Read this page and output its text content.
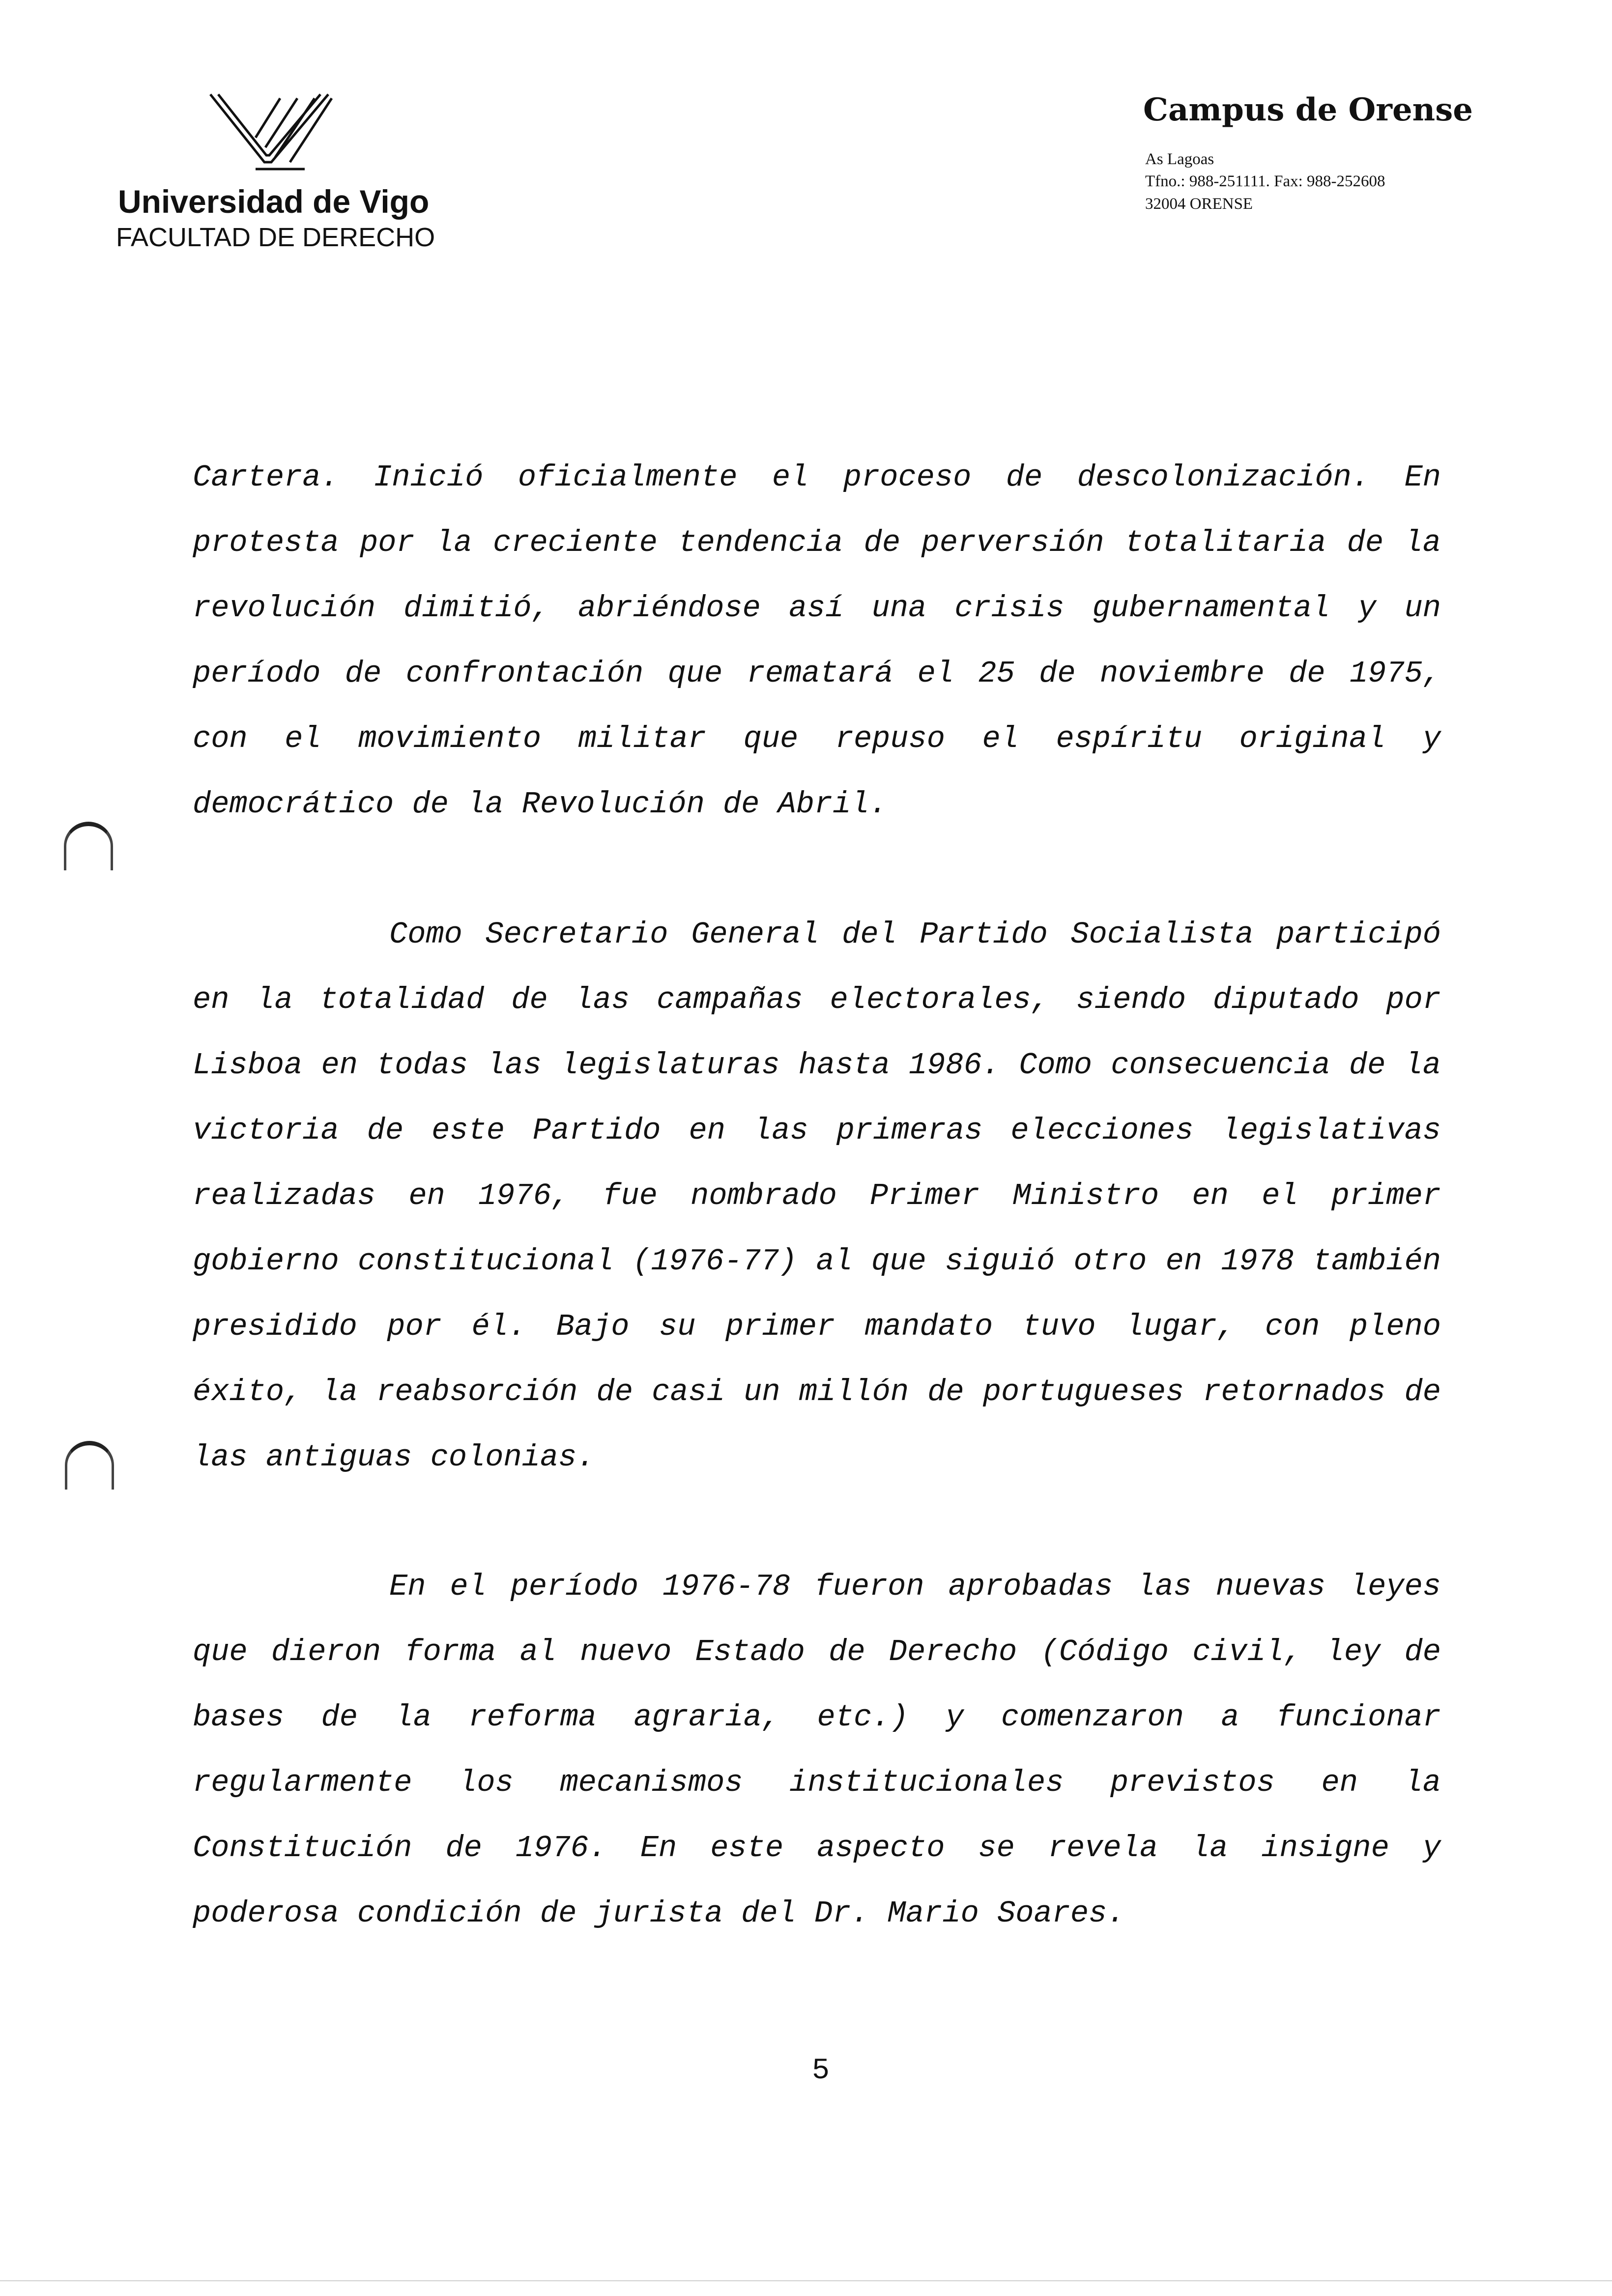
Universidad de Vigo
FACULTAD DE DERECHO
Campus de Orense
As Lagoas
Tfno.: 988-251111. Fax: 988-252608
32004 ORENSE

Cartera. Inició oficialmente el proceso de descolonización. En protesta por la creciente tendencia de perversión totalitaria de la revolución dimitió, abriéndose así una crisis gubernamental y un período de confrontación que rematará el 25 de noviembre de 1975, con el movimiento militar que repuso el espíritu original y democrático de la Revolución de Abril.

Como Secretario General del Partido Socialista participó en la totalidad de las campañas electorales, siendo diputado por Lisboa en todas las legislaturas hasta 1986. Como consecuencia de la victoria de este Partido en las primeras elecciones legislativas realizadas en 1976, fue nombrado Primer Ministro en el primer gobierno constitucional (1976-77) al que siguió otro en 1978 también presidido por él. Bajo su primer mandato tuvo lugar, con pleno éxito, la reabsorción de casi un millón de portugueses retornados de las antiguas colonias.

En el período 1976-78 fueron aprobadas las nuevas leyes que dieron forma al nuevo Estado de Derecho (Código civil, ley de bases de la reforma agraria, etc.) y comenzaron a funcionar regularmente los mecanismos institucionales previstos en la Constitución de 1976. En este aspecto se revela la insigne y poderosa condición de jurista del Dr. Mario Soares.

5
